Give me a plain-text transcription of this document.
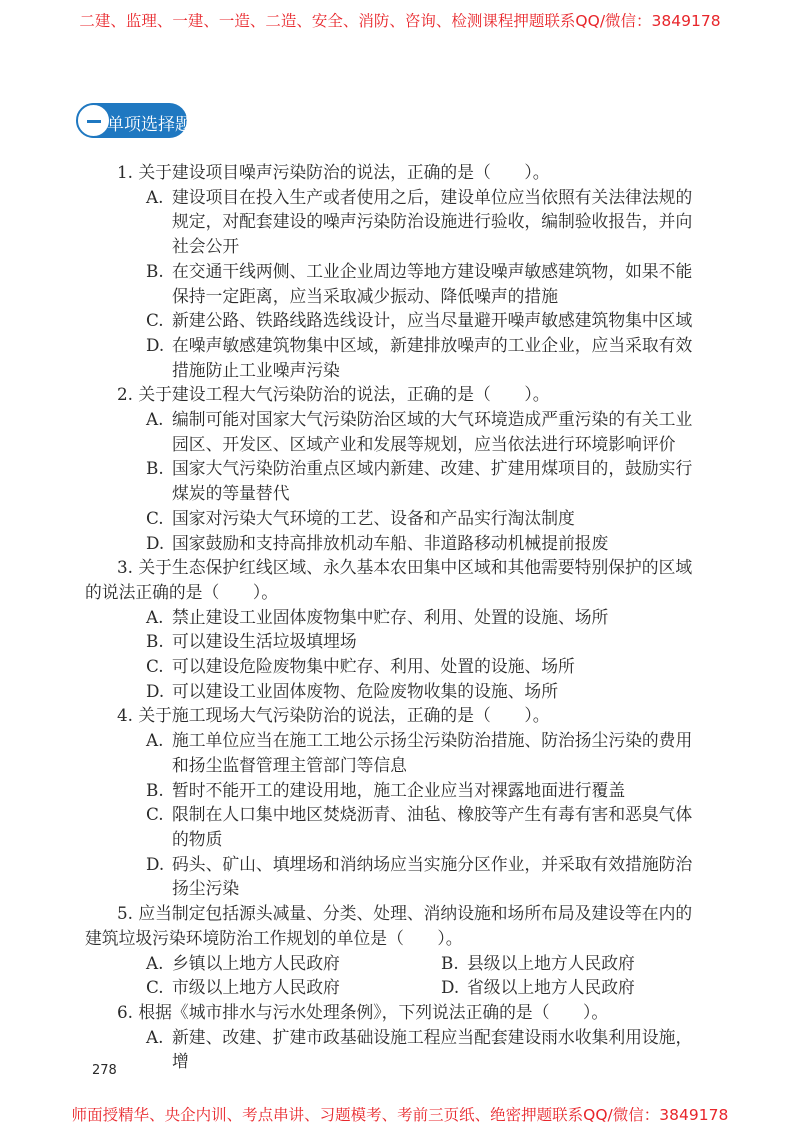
二建、监理、一建、一造、二造、安全、消防、咨询、检测课程押题联系QQ/微信：3849178
单项选择题
1. 关于建设项目噪声污染防治的说法，正确的是（　　）。
A. 建设项目在投入生产或者使用之后，建设单位应当依照有关法律法规的规定，对配套建设的噪声污染防治设施进行验收，编制验收报告，并向社会公开
B. 在交通干线两侧、工业企业周边等地方建设噪声敏感建筑物，如果不能保持一定距离，应当采取减少振动、降低噪声的措施
C. 新建公路、铁路线路选线设计，应当尽量避开噪声敏感建筑物集中区域
D. 在噪声敏感建筑物集中区域，新建排放噪声的工业企业，应当采取有效措施防止工业噪声污染
2. 关于建设工程大气污染防治的说法，正确的是（　　）。
A. 编制可能对国家大气污染防治区域的大气环境造成严重污染的有关工业园区、开发区、区域产业和发展等规划，应当依法进行环境影响评价
B. 国家大气污染防治重点区域内新建、改建、扩建用煤项目的，鼓励实行煤炭的等量替代
C. 国家对污染大气环境的工艺、设备和产品实行淘汰制度
D. 国家鼓励和支持高排放机动车船、非道路移动机械提前报废
3. 关于生态保护红线区域、永久基本农田集中区域和其他需要特别保护的区域的说法正确的是（　　）。
A. 禁止建设工业固体废物集中贮存、利用、处置的设施、场所
B. 可以建设生活垃圾填埋场
C. 可以建设危险废物集中贮存、利用、处置的设施、场所
D. 可以建设工业固体废物、危险废物收集的设施、场所
4. 关于施工现场大气污染防治的说法，正确的是（　　）。
A. 施工单位应当在施工工地公示扬尘污染防治措施、防治扬尘污染的费用和扬尘监督管理主管部门等信息
B. 暂时不能开工的建设用地，施工企业应当对裸露地面进行覆盖
C. 限制在人口集中地区焚烧沥青、油毡、橡胶等产生有毒有害和恶臭气体的物质
D. 码头、矿山、填埋场和消纳场应当实施分区作业，并采取有效措施防治扬尘污染
5. 应当制定包括源头减量、分类、处理、消纳设施和场所布局及建设等在内的建筑垃圾污染环境防治工作规划的单位是（　　）。
A. 乡镇以上地方人民政府	B. 县级以上地方人民政府
C. 市级以上地方人民政府	D. 省级以上地方人民政府
6. 根据《城市排水与污水处理条例》，下列说法正确的是（　　）。
A. 新建、改建、扩建市政基础设施工程应当配套建设雨水收集利用设施，增
278
师面授精华、央企内训、考点串讲、习题模考、考前三页纸、绝密押题联系QQ/微信：3849178
